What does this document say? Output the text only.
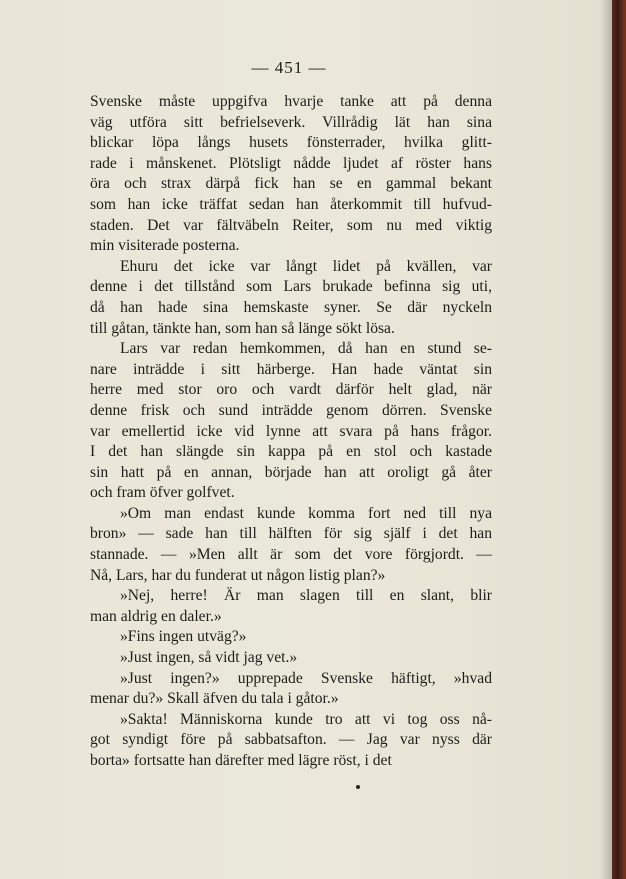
— 451 —
Svenske måste uppgifva hvarje tanke att på denna
väg utföra sitt befrielseverk. Villrådig lät han sina
blickar löpa långs husets fönsterrader, hvilka glitt-
rade i månskenet. Plötsligt nådde ljudet af röster hans
öra och strax därpå fick han se en gammal bekant
som han icke träffat sedan han återkommit till hufvud-
staden. Det var fältväbeln Reiter, som nu med viktig
min visiterade posterna.
Ehuru det icke var långt lidet på kvällen, var
denne i det tillstånd som Lars brukade befinna sig uti,
då han hade sina hemskaste syner. Se där nyckeln
till gåtan, tänkte han, som han så länge sökt lösa.
Lars var redan hemkommen, då han en stund se-
nare inträdde i sitt härberge. Han hade väntat sin
herre med stor oro och vardt därför helt glad, när
denne frisk och sund inträdde genom dörren. Svenske
var emellertid icke vid lynne att svara på hans frågor.
I det han slängde sin kappa på en stol och kastade
sin hatt på en annan, började han att oroligt gå åter
och fram öfver golfvet.
»Om man endast kunde komma fort ned till nya
bron» — sade han till hälften för sig själf i det han
stannade. — »Men allt är som det vore förgjordt. —
Nå, Lars, har du funderat ut någon listig plan?»
»Nej, herre! Är man slagen till en slant, blir
man aldrig en daler.»
»Fins ingen utväg?»
»Just ingen, så vidt jag vet.»
»Just ingen?» upprepade Svenske häftigt, »hvad
menar du?» Skall äfven du tala i gåtor.»
»Sakta! Människorna kunde tro att vi tog oss nå-
got syndigt före på sabbatsafton. — Jag var nyss där
borta» fortsatte han därefter med lägre röst, i det
